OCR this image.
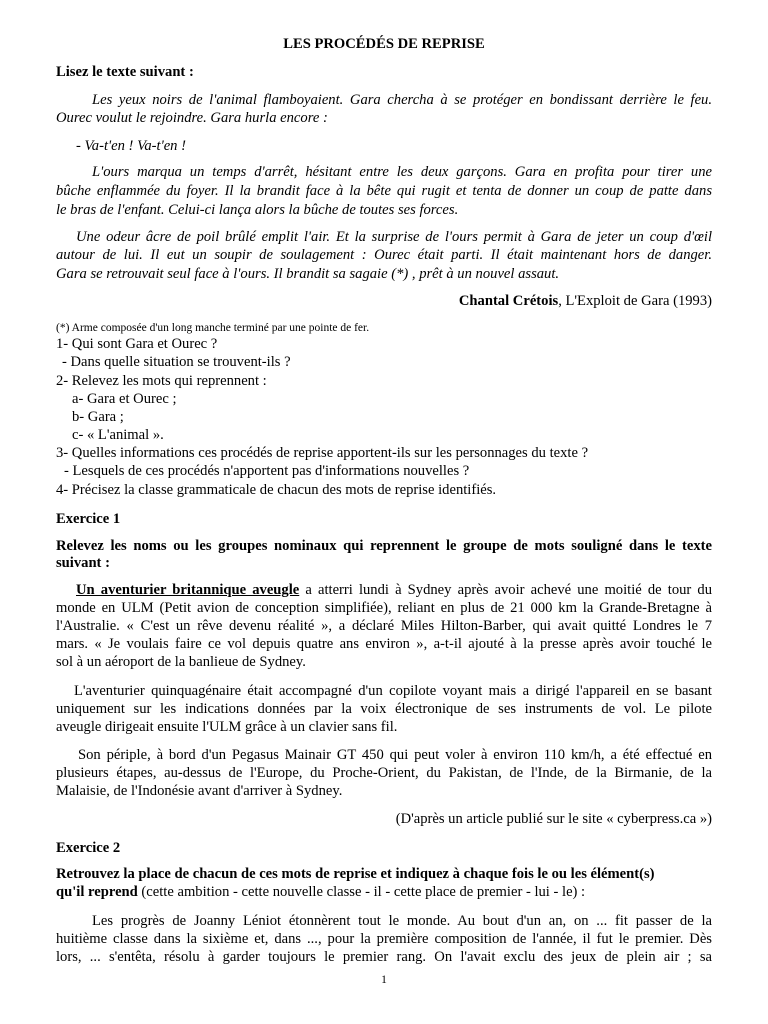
LES PROCÉDÉS DE REPRISE
Lisez le texte suivant :
Les yeux noirs de l'animal flamboyaient. Gara chercha à se protéger en bondissant derrière le feu.
Ourec voulut le rejoindre. Gara hurla encore :
- Va-t'en ! Va-t'en !
L'ours marqua un temps d'arrêt, hésitant entre les deux garçons. Gara en profita pour tirer une
bûche enflammée du foyer. Il la brandit face à la bête qui rugit et tenta de donner un coup de patte dans
le bras de l'enfant. Celui-ci lança alors la bûche de toutes ses forces.
Une odeur âcre de poil brûlé emplit l'air. Et la surprise de l'ours permit à Gara de jeter un coup d'œil
autour de lui. Il eut un soupir de soulagement : Ourec était parti. Il était maintenant hors de danger.
Gara se retrouvait seul face à l'ours. Il brandit sa sagaie (*) , prêt à un nouvel assaut.
Chantal Crétois, L'Exploit de Gara (1993)
(*) Arme composée d'un long manche terminé par une pointe de fer.
1- Qui sont Gara et Ourec ?
- Dans quelle situation se trouvent-ils ?
2- Relevez les mots qui reprennent :
a- Gara et Ourec ;
b- Gara ;
c- « L'animal ».
3- Quelles informations ces procédés de reprise apportent-ils sur les personnages du texte ?
- Lesquels de ces procédés n'apportent pas d'informations nouvelles ?
4- Précisez la classe grammaticale de chacun des mots de reprise identifiés.
Exercice 1
Relevez les noms ou les groupes nominaux qui reprennent le groupe de mots souligné dans le texte
suivant :
Un aventurier britannique aveugle a atterri lundi à Sydney après avoir achevé une moitié de tour du
monde en ULM (Petit avion de conception simplifiée), reliant en plus de 21 000 km la Grande-Bretagne à
l'Australie. « C'est un rêve devenu réalité », a déclaré Miles Hilton-Barber, qui avait quitté Londres le 7
mars. « Je voulais faire ce vol depuis quatre ans environ », a-t-il ajouté à la presse après avoir touché le
sol à un aéroport de la banlieue de Sydney.
L'aventurier quinquagénaire était accompagné d'un copilote voyant mais a dirigé l'appareil en se basant
uniquement sur les indications données par la voix électronique de ses instruments de vol. Le pilote
aveugle dirigeait ensuite l'ULM grâce à un clavier sans fil.
Son périple, à bord d'un Pegasus Mainair GT 450 qui peut voler à environ 110 km/h, a été effectué en
plusieurs étapes, au-dessus de l'Europe, du Proche-Orient, du Pakistan, de l'Inde, de la Birmanie, de la
Malaisie, de l'Indonésie avant d'arriver à Sydney.
(D'après un article publié sur le site « cyberpress.ca »)
Exercice 2
Retrouvez la place de chacun de ces mots de reprise et indiquez à chaque fois le ou les élément(s)
qu'il reprend (cette ambition - cette nouvelle classe - il - cette place de premier - lui - le) :
Les progrès de Joanny Léniot étonnèrent tout le monde. Au bout d'un an, on ... fit passer de la
huitième classe dans la sixième et, dans ..., pour la première composition de l'année, il fut le premier. Dès
lors, ... s'entêta, résolu à garder toujours le premier rang. On l'avait exclu des jeux de plein air ; sa
1
